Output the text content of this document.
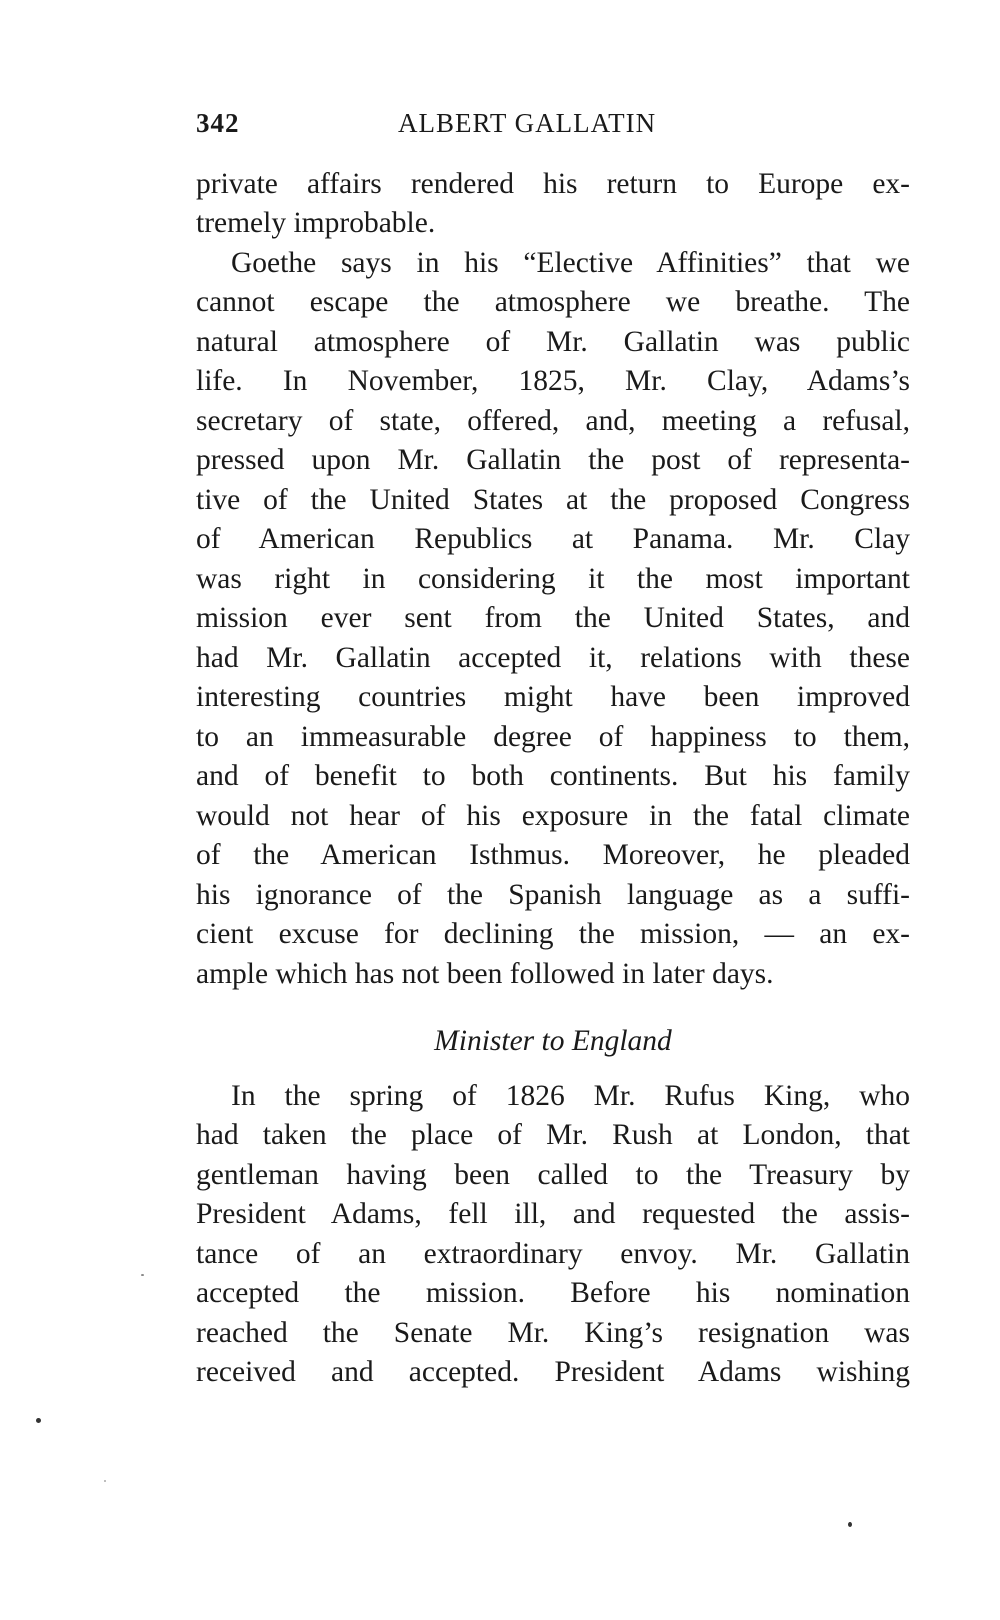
342	ALBERT GALLATIN
private affairs rendered his return to Europe ex-
tremely improbable.
Goethe says in his “Elective Affinities” that we
cannot escape the atmosphere we breathe. The
natural atmosphere of Mr. Gallatin was public
life. In November, 1825, Mr. Clay, Adams’s
secretary of state, offered, and, meeting a refusal,
pressed upon Mr. Gallatin the post of representa-
tive of the United States at the proposed Congress
of American Republics at Panama. Mr. Clay
was right in considering it the most important
mission ever sent from the United States, and
had Mr. Gallatin accepted it, relations with these
interesting countries might have been improved
to an immeasurable degree of happiness to them,
and of benefit to both continents. But his family
would not hear of his exposure in the fatal climate
of the American Isthmus. Moreover, he pleaded
his ignorance of the Spanish language as a suffi-
cient excuse for declining the mission, — an ex-
ample which has not been followed in later days.
Minister to England
In the spring of 1826 Mr. Rufus King, who
had taken the place of Mr. Rush at London, that
gentleman having been called to the Treasury by
President Adams, fell ill, and requested the assis-
tance of an extraordinary envoy. Mr. Gallatin
accepted the mission. Before his nomination
reached the Senate Mr. King’s resignation was
received and accepted. President Adams wishing
